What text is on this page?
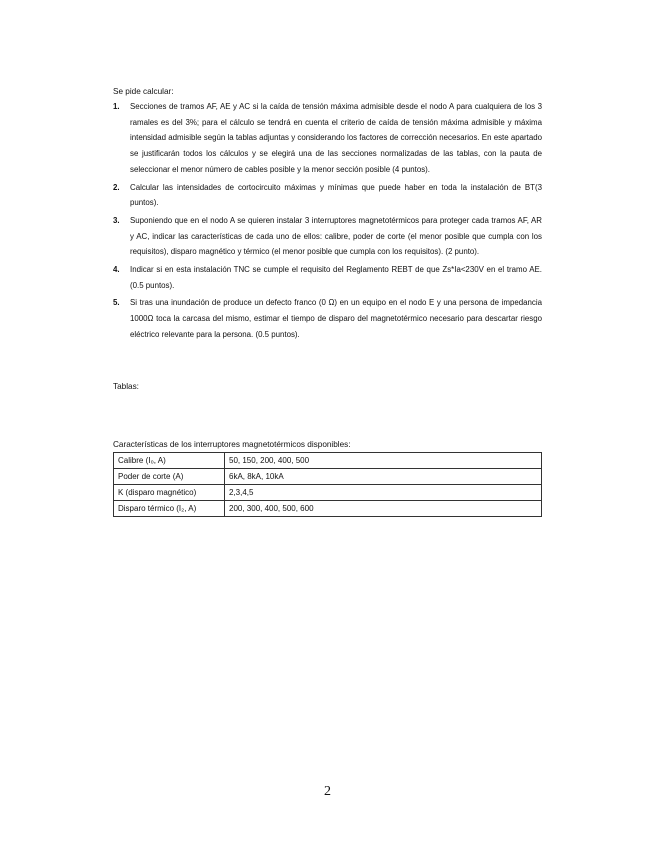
Se pide calcular:
1. Secciones de tramos AF, AE y AC si la caída de tensión máxima admisible desde el nodo A para cualquiera de los 3 ramales es del 3%; para el cálculo se tendrá en cuenta el criterio de caída de tensión máxima admisible y máxima intensidad admisible según la tablas adjuntas y considerando los factores de corrección necesarios. En este apartado se justificarán todos los cálculos y se elegirá una de las secciones normalizadas de las tablas, con la pauta de seleccionar el menor número de cables posible y la menor sección posible (4 puntos).
2. Calcular las intensidades de cortocircuito máximas y mínimas que puede haber en toda la instalación de BT(3 puntos).
3. Suponiendo que en el nodo A se quieren instalar 3 interruptores magnetotérmicos para proteger cada tramos AF, AR y AC, indicar las características de cada uno de ellos: calibre, poder de corte (el menor posible que cumpla con los requisitos), disparo magnético y térmico (el menor posible que cumpla con los requisitos). (2 punto).
4. Indicar si en esta instalación TNC se cumple el requisito del Reglamento REBT de que Zs*Ia<230V en el tramo AE. (0.5 puntos).
5. Si tras una inundación de produce un defecto franco (0 Ω) en un equipo en el nodo E y una persona de impedancia 1000Ω toca la carcasa del mismo, estimar el tiempo de disparo del magnetotérmico necesario para descartar riesgo eléctrico relevante para la persona. (0.5 puntos).
Tablas:
Características de los interruptores magnetotérmicos disponibles:
Calibre (I₀, A)	50, 150, 200, 400, 500
Poder de corte (A)	6kA, 8kA, 10kA
K (disparo magnético)	2,3,4,5
Disparo térmico (I₂, A)	200, 300, 400, 500, 600
2
